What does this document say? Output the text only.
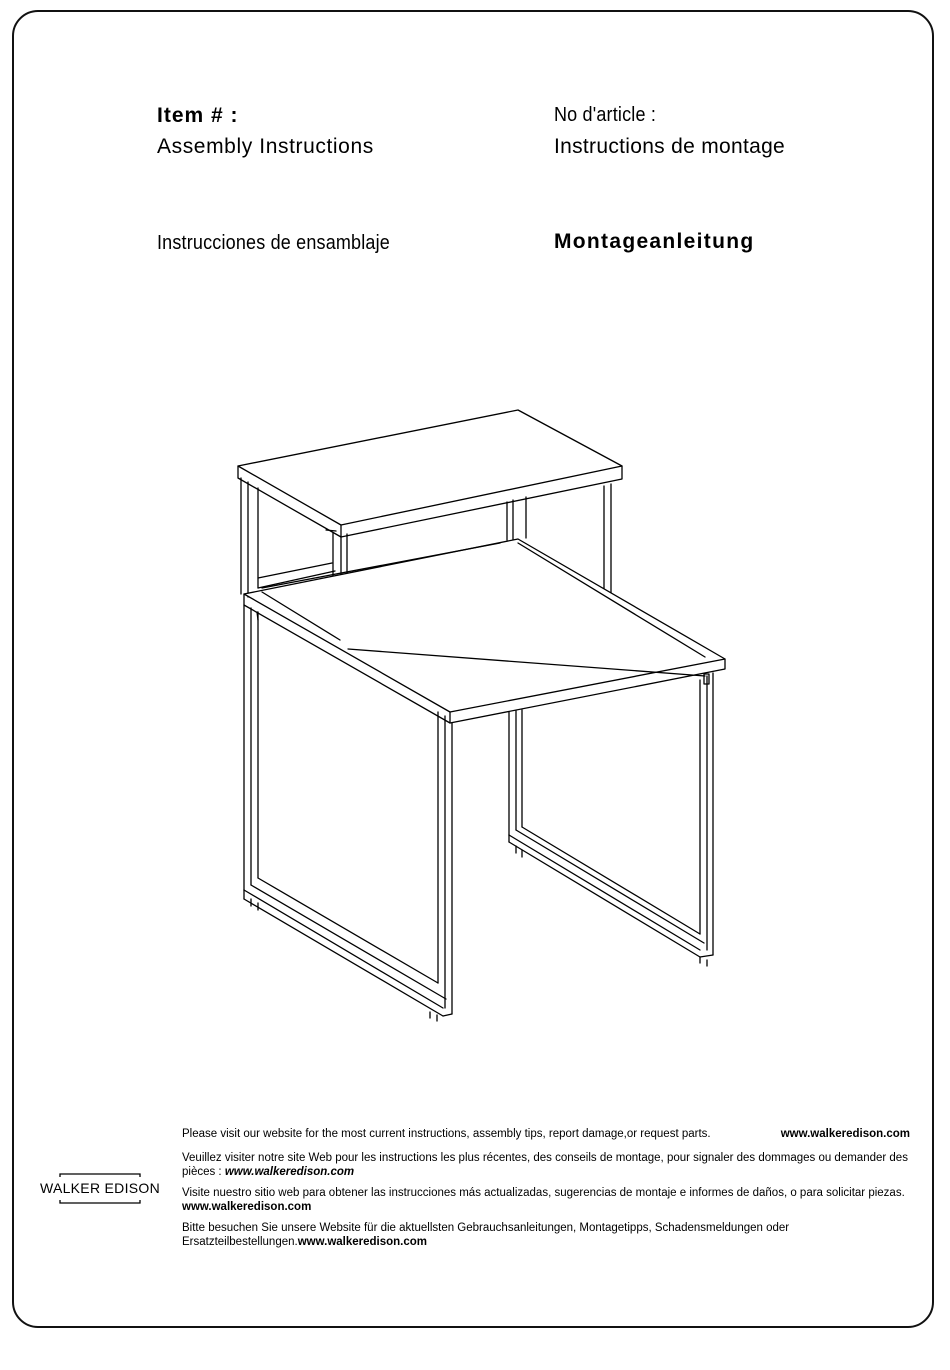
Item # :
Assembly Instructions
No d'article :
Instructions de montage
Instrucciones de ensamblaje	Montageanleitung
WALKER EDISON

Please visit our website for the most current instructions, assembly tips, report damage,or request parts.	www.walkeredison.com

Veuillez visiter notre site Web pour les instructions les plus récentes, des conseils de montage, pour signaler des dommages ou demander des pièces : www.walkeredison.com

Visite nuestro sitio web para obtener las instrucciones más actualizadas, sugerencias de montaje e informes de daños, o para solicitar piezas. www.walkeredison.com

Bitte besuchen Sie unsere Website für die aktuellsten Gebrauchsanleitungen, Montagetipps, Schadensmeldungen oder Ersatzteilbestellungen.www.walkeredison.com
